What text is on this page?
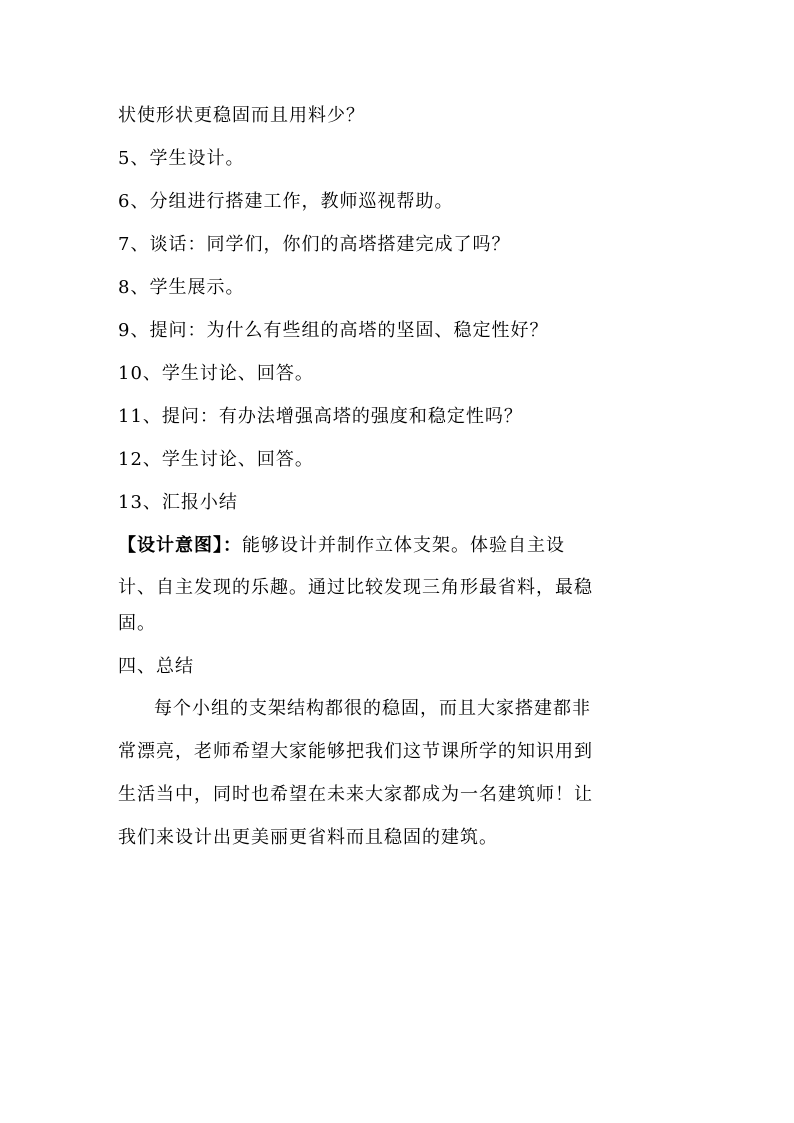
状使形状更稳固而且用料少？
5、学生设计。
6、分组进行搭建工作，教师巡视帮助。
7、谈话：同学们，你们的高塔搭建完成了吗？
8、学生展示。
9、提问：为什么有些组的高塔的坚固、稳定性好？
10、学生讨论、回答。
11、提问：有办法增强高塔的强度和稳定性吗？
12、学生讨论、回答。
13、汇报小结
【设计意图】：能够设计并制作立体支架。体验自主设
计、自主发现的乐趣。通过比较发现三角形最省料，最稳
固。
四、总结
每个小组的支架结构都很的稳固，而且大家搭建都非
常漂亮，老师希望大家能够把我们这节课所学的知识用到
生活当中，同时也希望在未来大家都成为一名建筑师！让
我们来设计出更美丽更省料而且稳固的建筑。
